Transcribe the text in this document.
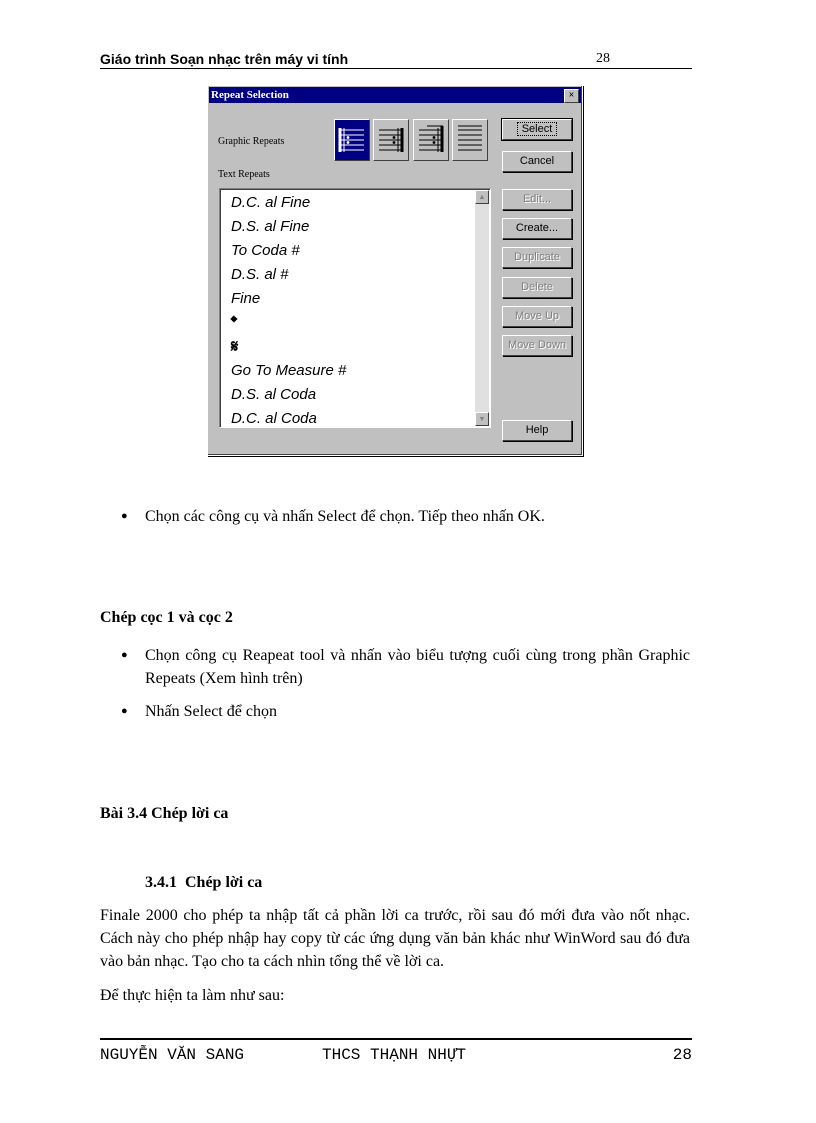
Giáo trình Soạn nhạc trên máy vi tính	28
Repeat Selection	×
Graphic Repeats
Text Repeats
D.C. al Fine
D.S. al Fine
To Coda #
D.S. al #
Fine
𝄌
𝄋
Go To Measure #
D.S. al Coda
D.C. al Coda
▲
▼
Select
Cancel
Edit...
Create...
Duplicate
Delete
Move Up
Move Down
Help
● Chọn các công cụ và nhấn Select để chọn. Tiếp theo nhấn OK.
Chép cọc 1 và cọc 2
● Chọn công cụ Reapeat tool và nhấn vào biểu tượng cuối cùng trong phần Graphic Repeats (Xem hình trên)
● Nhấn Select để chọn
Bài 3.4 Chép lời ca
3.4.1 Chép lời ca
Finale 2000 cho phép ta nhập tất cả phần lời ca trước, rồi sau đó mới đưa vào nốt nhạc. Cách này cho phép nhập hay copy từ các ứng dụng văn bản khác như WinWord sau đó đưa vào bản nhạc. Tạo cho ta cách nhìn tổng thể về lời ca.
Để thực hiện ta làm như sau:
NGUYỄN VĂN SANG	THCS THẠNH NHỰT	28
